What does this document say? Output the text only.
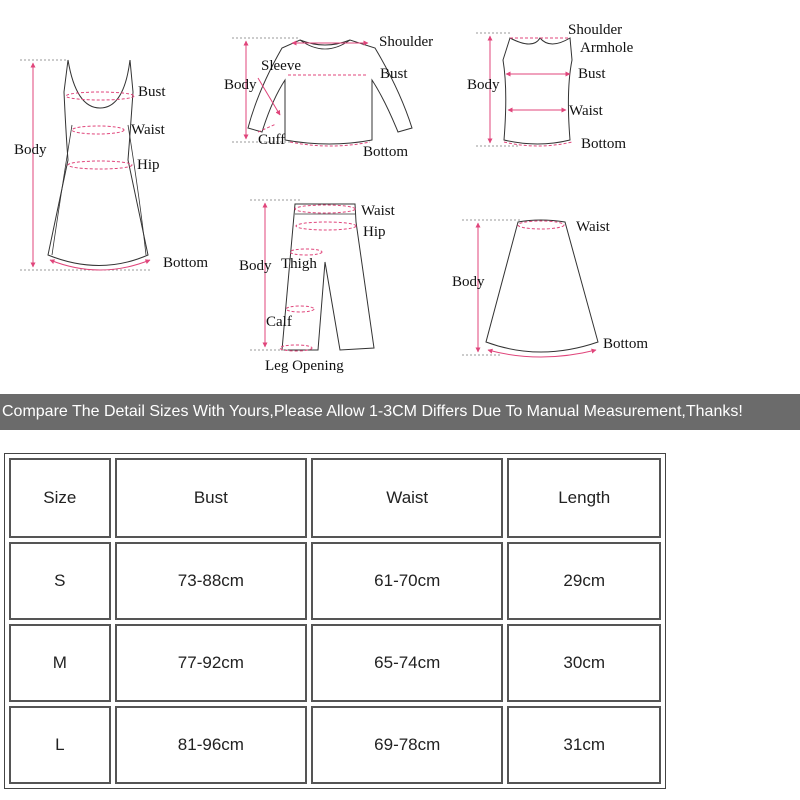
Body
Bust
Waist
Hip
Bottom
Shoulder
Sleeve
Body
Bust
Cuff
Bottom
Shoulder
Armhole
Body
Bust
Waist
Bottom
Waist
Hip
Body Thigh
Calf
Leg Opening
Waist
Body
Bottom
Compare The Detail Sizes With Yours,Please Allow 1-3CM Differs Due To Manual Measurement,Thanks!
Size	Bust	Waist	Length
S	73-88cm	61-70cm	29cm
M	77-92cm	65-74cm	30cm
L	81-96cm	69-78cm	31cm
